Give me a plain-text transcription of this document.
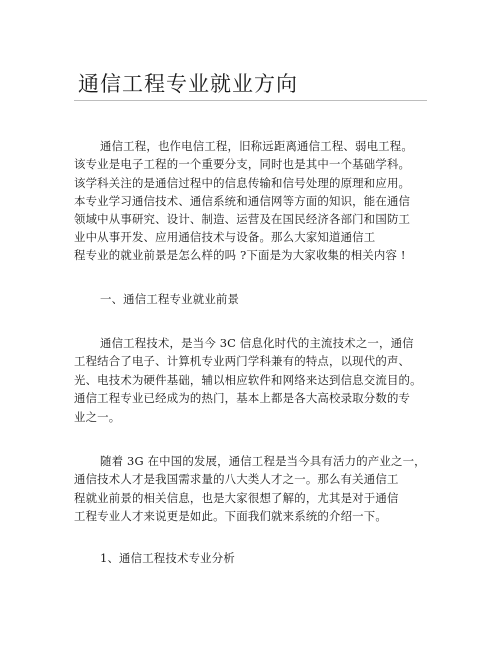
通信工程专业就业方向
通信工程，也作电信工程，旧称远距离通信工程、弱电工程。
该专业是电子工程的一个重要分支，同时也是其中一个基础学科。
该学科关注的是通信过程中的信息传输和信号处理的原理和应用。
本专业学习通信技术、通信系统和通信网等方面的知识，能在通信
领域中从事研究、设计、制造、运营及在国民经济各部门和国防工
业中从事开发、应用通信技术与设备。那么大家知道通信工
程专业的就业前景是怎么样的吗 ?下面是为大家收集的相关内容 !
一、通信工程专业就业前景
通信工程技术，是当今 3C 信息化时代的主流技术之一，通信
工程结合了电子、计算机专业两门学科兼有的特点，以现代的声、
光、电技术为硬件基础，辅以相应软件和网络来达到信息交流目的。
通信工程专业已经成为的热门，基本上都是各大高校录取分数的专
业之一。
随着 3G 在中国的发展，通信工程是当今具有活力的产业之一，
通信技术人才是我国需求量的八大类人才之一。那么有关通信工
程就业前景的相关信息，也是大家很想了解的，尤其是对于通信
工程专业人才来说更是如此。下面我们就来系统的介绍一下。
1、通信工程技术专业分析
